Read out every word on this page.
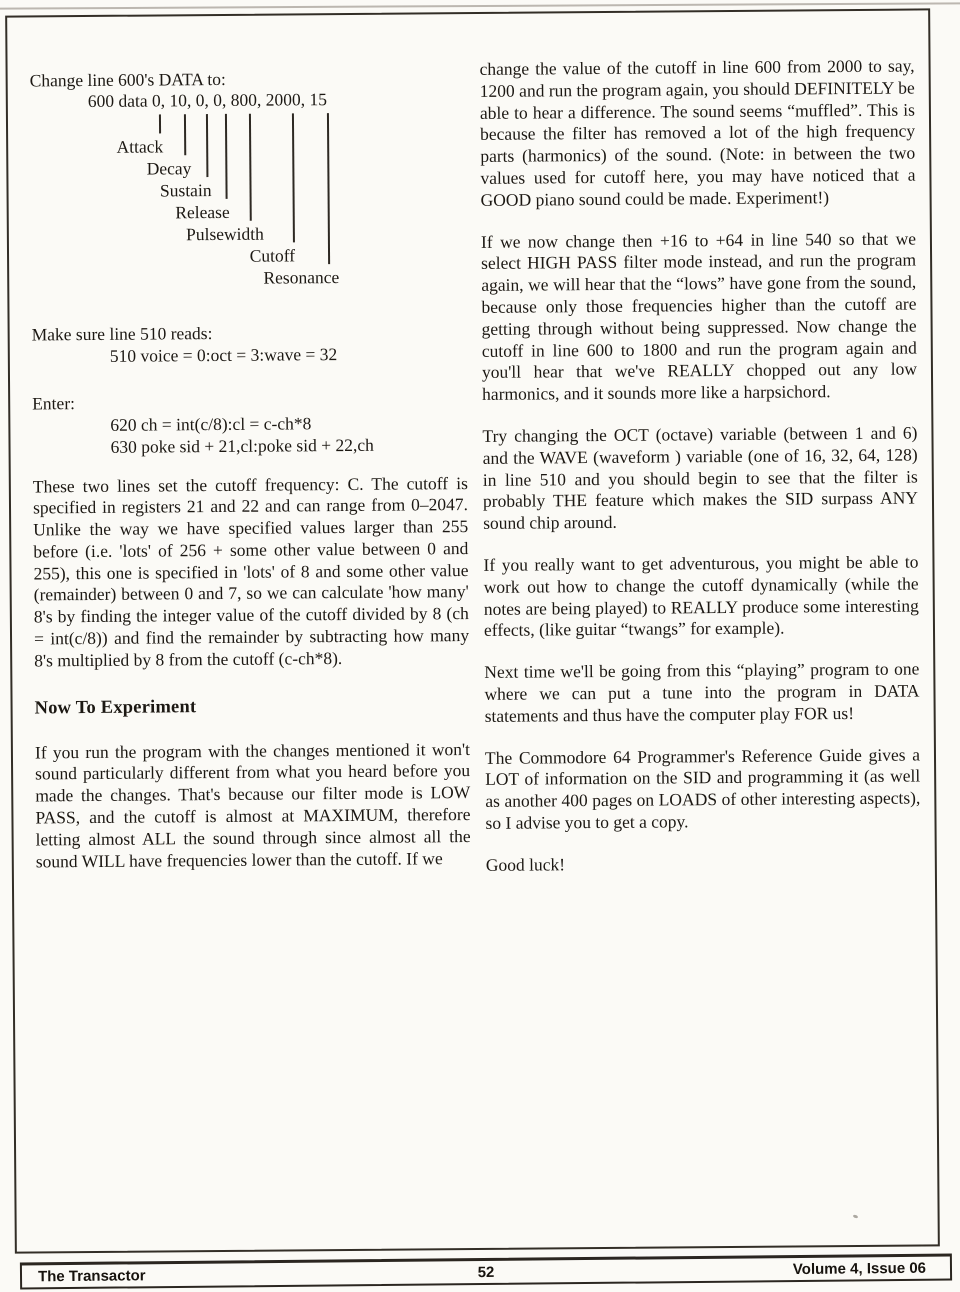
Change line 600's DATA to:

600 data 0, 10, 0, 0, 800, 2000, 15
Attack
Decay
Sustain
Release
Pulsewidth
Cutoff
Resonance

Make sure line 510 reads:

510 voice = 0:oct = 3:wave = 32

Enter:

620 ch = int(c/8):cl = c-ch*8
630 poke sid + 21,cl:poke sid + 22,ch

These two lines set the cutoff frequency: C. The cutoff is specified in registers 21 and 22 and can range from 0–2047. Unlike the way we have specified values larger than 255 before (i.e. 'lots' of 256 + some other value between 0 and 255), this one is specified in 'lots' of 8 and some other value (remainder) between 0 and 7, so we can calculate 'how many' 8's by finding the integer value of the cutoff divided by 8 (ch = int(c/8)) and find the remainder by subtracting how many 8's multiplied by 8 from the cutoff (c-ch*8).

Now To Experiment

If you run the program with the changes mentioned it won't sound particularly different from what you heard before you made the changes. That's because our filter mode is LOW PASS, and the cutoff is almost at MAXIMUM, therefore letting almost ALL the sound through since almost all the sound WILL have frequencies lower than the cutoff. If we

change the value of the cutoff in line 600 from 2000 to say, 1200 and run the program again, you should DEFINITELY be able to hear a difference. The sound seems “muffled”. This is because the filter has removed a lot of the high frequency parts (harmonics) of the sound. (Note: in between the two values used for cutoff here, you may have noticed that a GOOD piano sound could be made. Experiment!)

If we now change then +16 to +64 in line 540 so that we select HIGH PASS filter mode instead, and run the program again, we will hear that the “lows” have gone from the sound, because only those frequencies higher than the cutoff are getting through without being suppressed. Now change the cutoff in line 600 to 1800 and run the program again and you'll hear that we've REALLY chopped out any low harmonics, and it sounds more like a harpsichord.

Try changing the OCT (octave) variable (between 1 and 6) and the WAVE (waveform ) variable (one of 16, 32, 64, 128) in line 510 and you should begin to see that the filter is probably THE feature which makes the SID surpass ANY sound chip around.

If you really want to get adventurous, you might be able to work out how to change the cutoff dynamically (while the notes are being played) to REALLY produce some interesting effects, (like guitar “twangs” for example).

Next time we'll be going from this “playing” program to one where we can put a tune into the program in DATA statements and thus have the computer play FOR us!

The Commodore 64 Programmer's Reference Guide gives a LOT of information on the SID and programming it (as well as another 400 pages on LOADS of other interesting aspects), so I advise you to get a copy.

Good luck!

The Transactor	52	Volume 4, Issue 06
